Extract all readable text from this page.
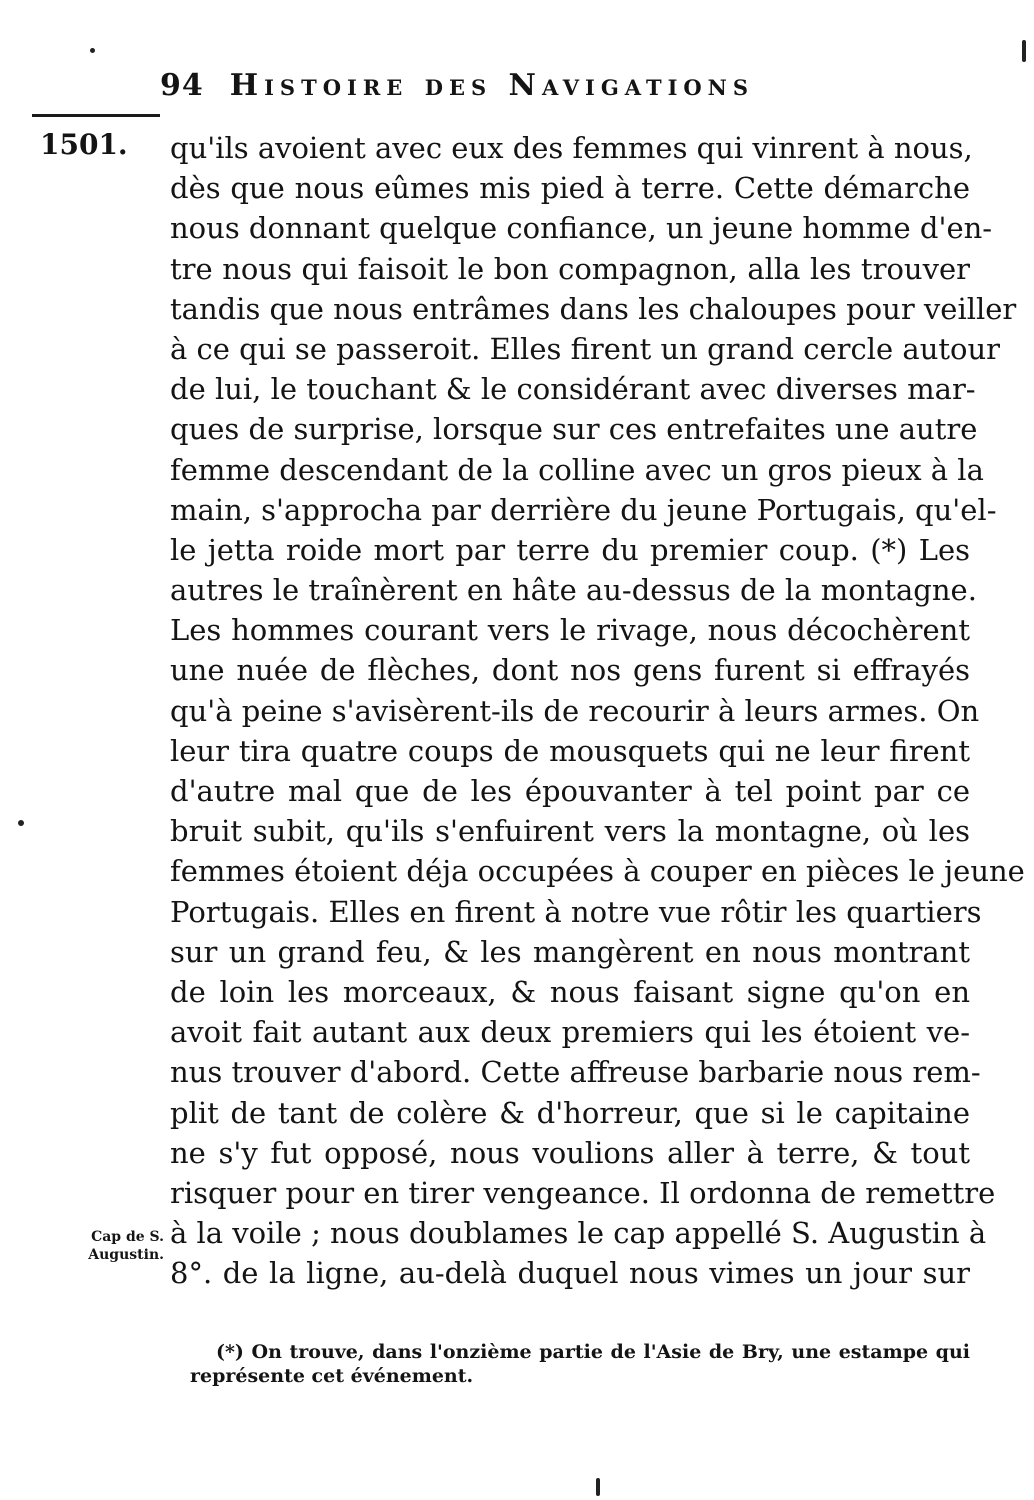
94 Histoire des Navigations
1501. qu'ils avoient avec eux des femmes qui vinrent à nous,
dès que nous eûmes mis pied à terre. Cette démarche
nous donnant quelque confiance, un jeune homme d'en-
tre nous qui faisoit le bon compagnon, alla les trouver
tandis que nous entrâmes dans les chaloupes pour veiller
à ce qui se passeroit. Elles firent un grand cercle autour
de lui, le touchant & le considérant avec diverses mar-
ques de surprise, lorsque sur ces entrefaites une autre
femme descendant de la colline avec un gros pieux à la
main, s'approcha par derrière du jeune Portugais, qu'el-
le jetta roide mort par terre du premier coup. (*) Les
autres le traînèrent en hâte au-dessus de la montagne.
Les hommes courant vers le rivage, nous décochèrent
une nuée de flèches, dont nos gens furent si effrayés
qu'à peine s'avisèrent-ils de recourir à leurs armes. On
leur tira quatre coups de mousquets qui ne leur firent
d'autre mal que de les épouvanter à tel point par ce
bruit subit, qu'ils s'enfuirent vers la montagne, où les
femmes étoient déja occupées à couper en pièces le jeune
Portugais. Elles en firent à notre vue rôtir les quartiers
sur un grand feu, & les mangèrent en nous montrant
de loin les morceaux, & nous faisant signe qu'on en
avoit fait autant aux deux premiers qui les étoient ve-
nus trouver d'abord. Cette affreuse barbarie nous rem-
plit de tant de colère & d'horreur, que si le capitaine
ne s'y fut opposé, nous voulions aller à terre, & tout
risquer pour en tirer vengeance. Il ordonna de remettre
à la voile ; nous doublames le cap appellé S. Augustin à
8°. de la ligne, au-delà duquel nous vimes un jour sur
Cap de S.
Augustin.
(*) On trouve, dans l'onzième partie de l'Asie de Bry, une estampe qui
représente cet événement.
